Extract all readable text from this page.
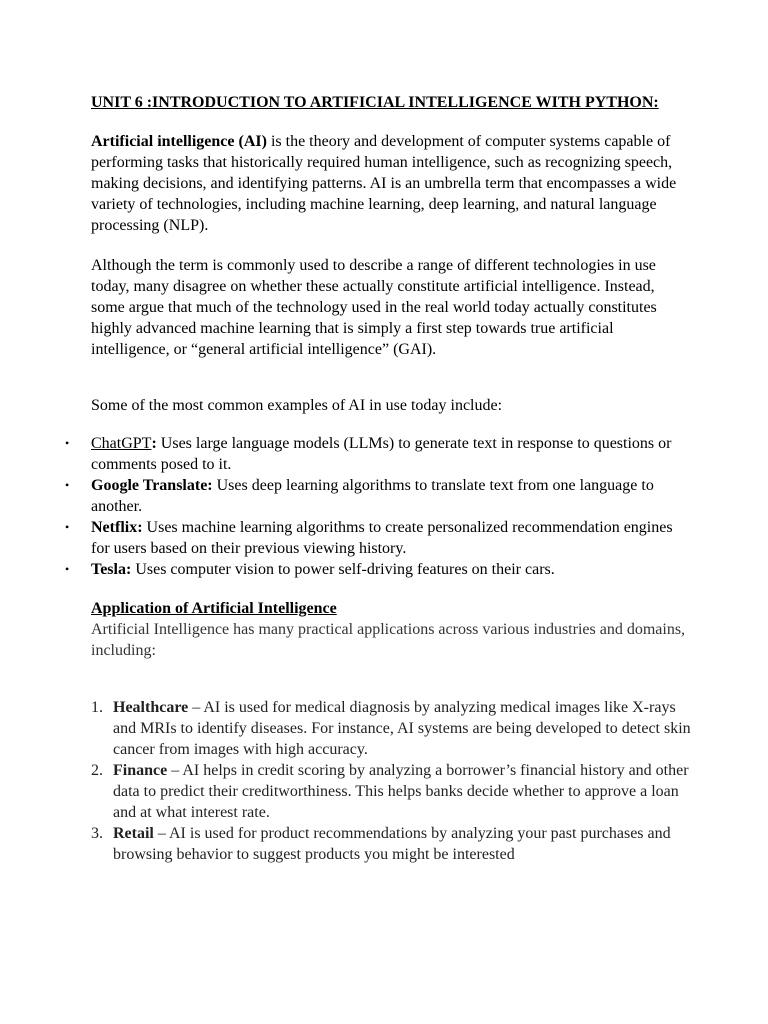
UNIT 6 :INTRODUCTION TO ARTIFICIAL INTELLIGENCE WITH PYTHON:

Artificial intelligence (AI) is the theory and development of computer systems capable of performing tasks that historically required human intelligence, such as recognizing speech, making decisions, and identifying patterns. AI is an umbrella term that encompasses a wide variety of technologies, including machine learning, deep learning, and natural language processing (NLP).

Although the term is commonly used to describe a range of different technologies in use today, many disagree on whether these actually constitute artificial intelligence. Instead, some argue that much of the technology used in the real world today actually constitutes highly advanced machine learning that is simply a first step towards true artificial intelligence, or “general artificial intelligence” (GAI).

Some of the most common examples of AI in use today include:
• ChatGPT: Uses large language models (LLMs) to generate text in response to questions or comments posed to it.
• Google Translate: Uses deep learning algorithms to translate text from one language to another.
• Netflix: Uses machine learning algorithms to create personalized recommendation engines for users based on their previous viewing history.
• Tesla: Uses computer vision to power self-driving features on their cars.
Application of Artificial Intelligence
Artificial Intelligence has many practical applications across various industries and domains, including:
1. Healthcare – AI is used for medical diagnosis by analyzing medical images like X-rays and MRIs to identify diseases. For instance, AI systems are being developed to detect skin cancer from images with high accuracy.
2. Finance – AI helps in credit scoring by analyzing a borrower’s financial history and other data to predict their creditworthiness. This helps banks decide whether to approve a loan and at what interest rate.
3. Retail – AI is used for product recommendations by analyzing your past purchases and browsing behavior to suggest products you might be interested
